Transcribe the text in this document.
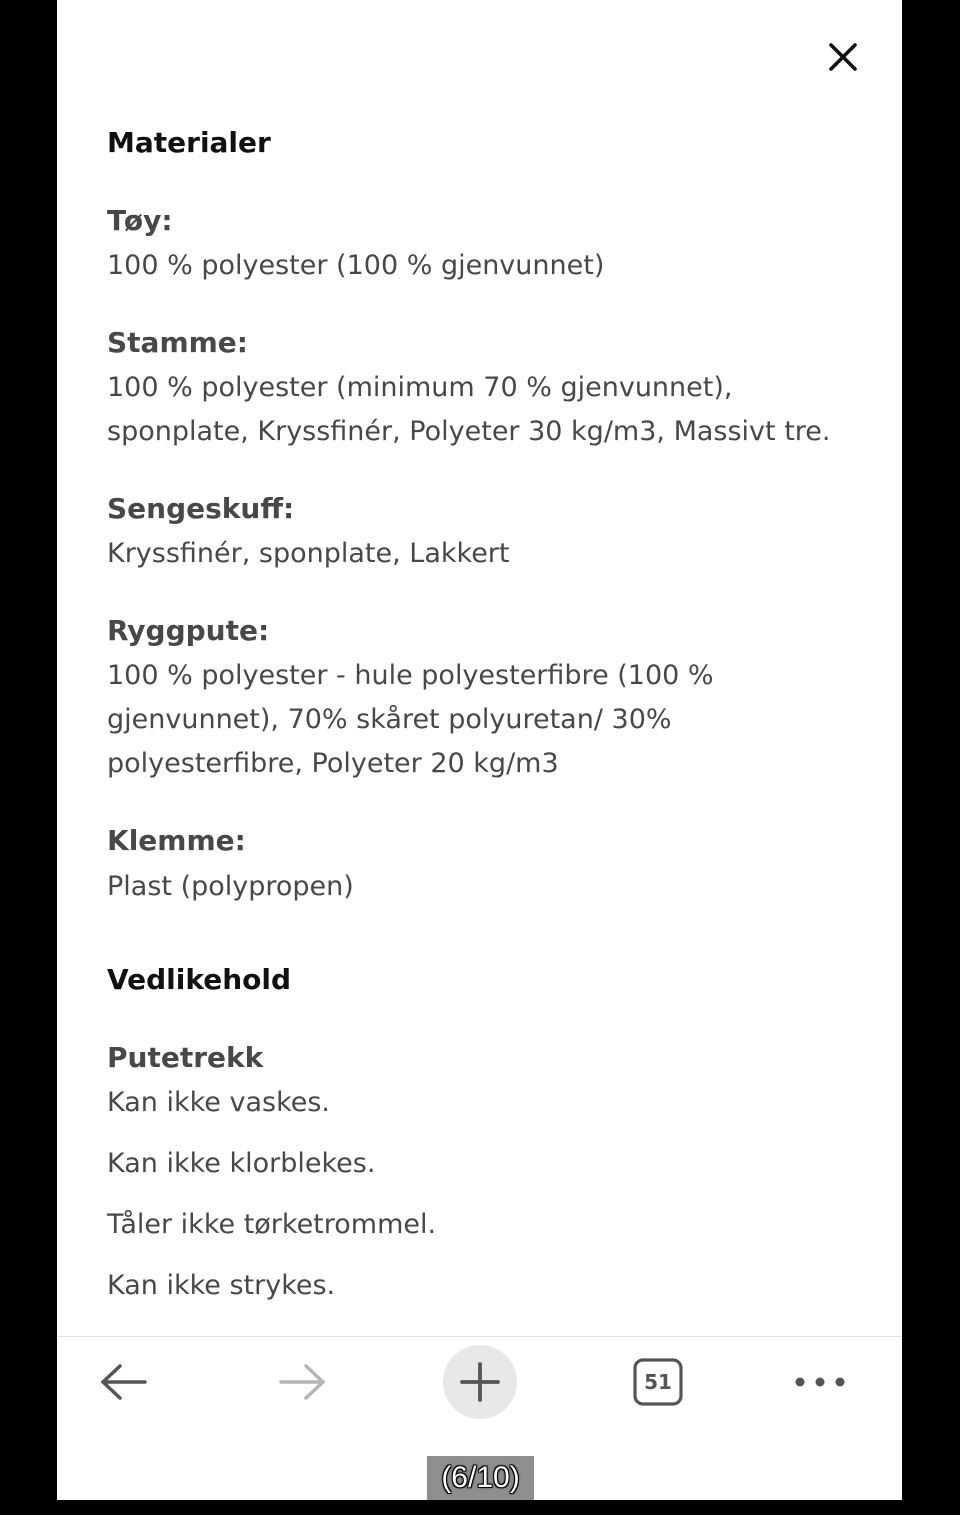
Materialer
Tøy:
100 % polyester (100 % gjenvunnet)
Stamme:
100 % polyester (minimum 70 % gjenvunnet),
sponplate, Kryssfinér, Polyeter 30 kg/m3, Massivt tre.
Sengeskuff:
Kryssfinér, sponplate, Lakkert
Ryggpute:
100 % polyester - hule polyesterfibre (100 %
gjenvunnet), 70% skåret polyuretan/ 30%
polyesterfibre, Polyeter 20 kg/m3
Klemme:
Plast (polypropen)
Vedlikehold
Putetrekk
Kan ikke vaskes.
Kan ikke klorblekes.
Tåler ikke tørketrommel.
Kan ikke strykes.
51
(6/10)
